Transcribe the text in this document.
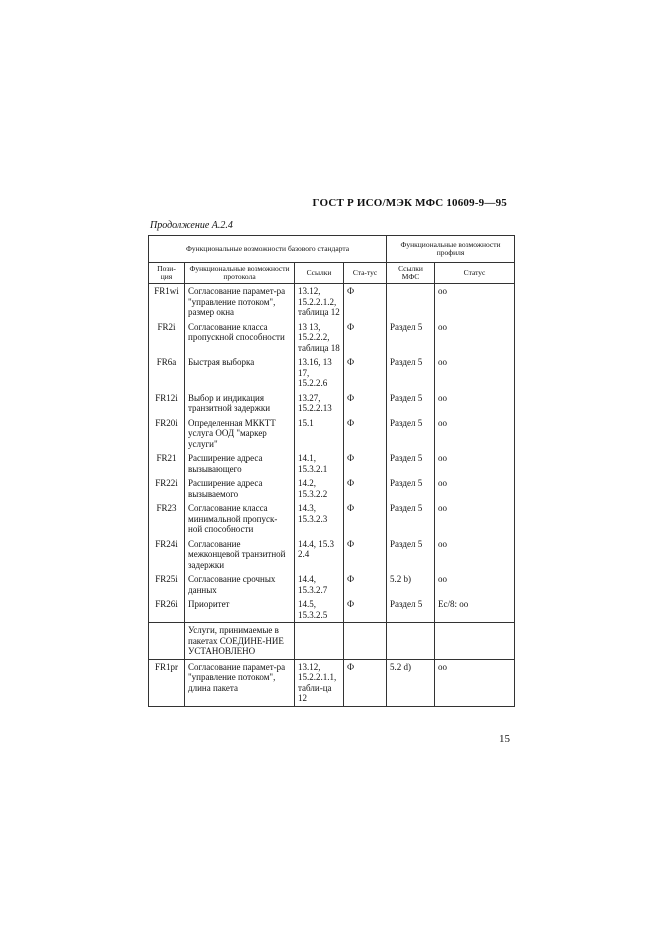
ГОСТ Р ИСО/МЭК МФС 10609-9—95
Продолжение А.2.4
Функциональные возможности базового стандарта				Функциональные возможности профиля	
Пози-ция	Функциональные возможности протокола	Ссылки	Ста-тус	Ссылки МФС	Статус
FR1wi	Согласование парамет-ра "управление потоком", размер окна	13.12, 15.2.2.1.2, таблица 12	Ф		оо
FR2i	Согласование класса пропускной способности	13 13, 15.2.2.2, таблица 18	Ф	Раздел 5	оо
FR6a	Быстрая выборка	13.16, 13 17, 15.2.2.6	Ф	Раздел 5	оо
FR12i	Выбор и индикация транзитной задержки	13.27, 15.2.2.13	Ф	Раздел 5	оо
FR20i	Определенная МККТТ услуга ООД "маркер услуги"	15.1	Ф	Раздел 5	оо
FR21	Расширение адреса вызывающего	14.1, 15.3.2.1	Ф	Раздел 5	оо
FR22i	Расширение адреса вызываемого	14.2, 15.3.2.2	Ф	Раздел 5	оо
FR23	Согласование класса минимальной пропуск-ной способности	14.3, 15.3.2.3	Ф	Раздел 5	оо
FR24i	Согласование межконцевой транзитной задержки	14.4, 15.3 2.4	Ф	Раздел 5	оо
FR25i	Согласование срочных данных	14.4, 15.3.2.7	Ф	5.2 b)	оо
FR26i	Приоритет	14.5, 15.3.2.5	Ф	Раздел 5	Ес/8: оо
	Услуги, принимаемые в пакетах СОЕДИНЕ-НИЕ УСТАНОВЛЕНО				
FR1pr	Согласование парамет-ра "управление потоком", длина пакета	13.12, 15.2.2.1.1, табли-ца 12	Ф	5.2 d)	оо
15
